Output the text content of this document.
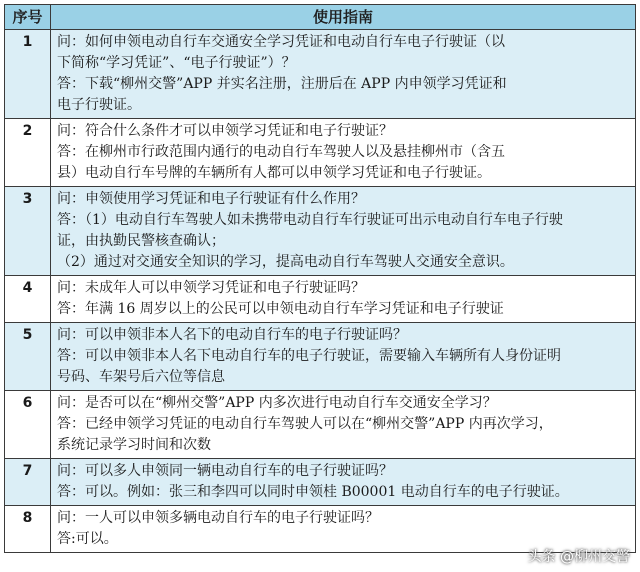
序号	使用指南
1	问：如何申领电动自行车交通安全学习凭证和电动自行车电子行驶证（以
下简称“学习凭证”、“电子行驶证”）？
答：下载“柳州交警”APP 并实名注册，注册后在 APP 内申领学习凭证和
电子行驶证。

2	问：符合什么条件才可以申领学习凭证和电子行驶证？
答：在柳州市行政范围内通行的电动自行车驾驶人以及悬挂柳州市（含五
县）电动自行车号牌的车辆所有人都可以申领学习凭证和电子行驶证。

3	问：申领使用学习凭证和电子行驶证有什么作用？
答：（1）电动自行车驾驶人如未携带电动自行车行驶证可出示电动自行车电子行驶
证，由执勤民警核查确认；
（2）通过对交通安全知识的学习，提高电动自行车驾驶人交通安全意识。

4	问：未成年人可以申领学习凭证和电子行驶证吗？
答：年满 16 周岁以上的公民可以申领电动自行车学习凭证和电子行驶证

5	问：可以申领非本人名下的电动自行车的电子行驶证吗？
答：可以申领非本人名下电动自行车的电子行驶证，需要输入车辆所有人身份证明
号码、车架号后六位等信息

6	问：是否可以在“柳州交警”APP 内多次进行电动自行车交通安全学习？
答：已经申领学习凭证的电动自行车驾驶人可以在“柳州交警”APP 内再次学习，
系统记录学习时间和次数

7	问：可以多人申领同一辆电动自行车的电子行驶证吗？
答：可以。例如：张三和李四可以同时申领桂 B00001 电动自行车的电子行驶证。

8	问：一人可以申领多辆电动自行车的电子行驶证吗？
答:可以。
头条 @柳州交警
